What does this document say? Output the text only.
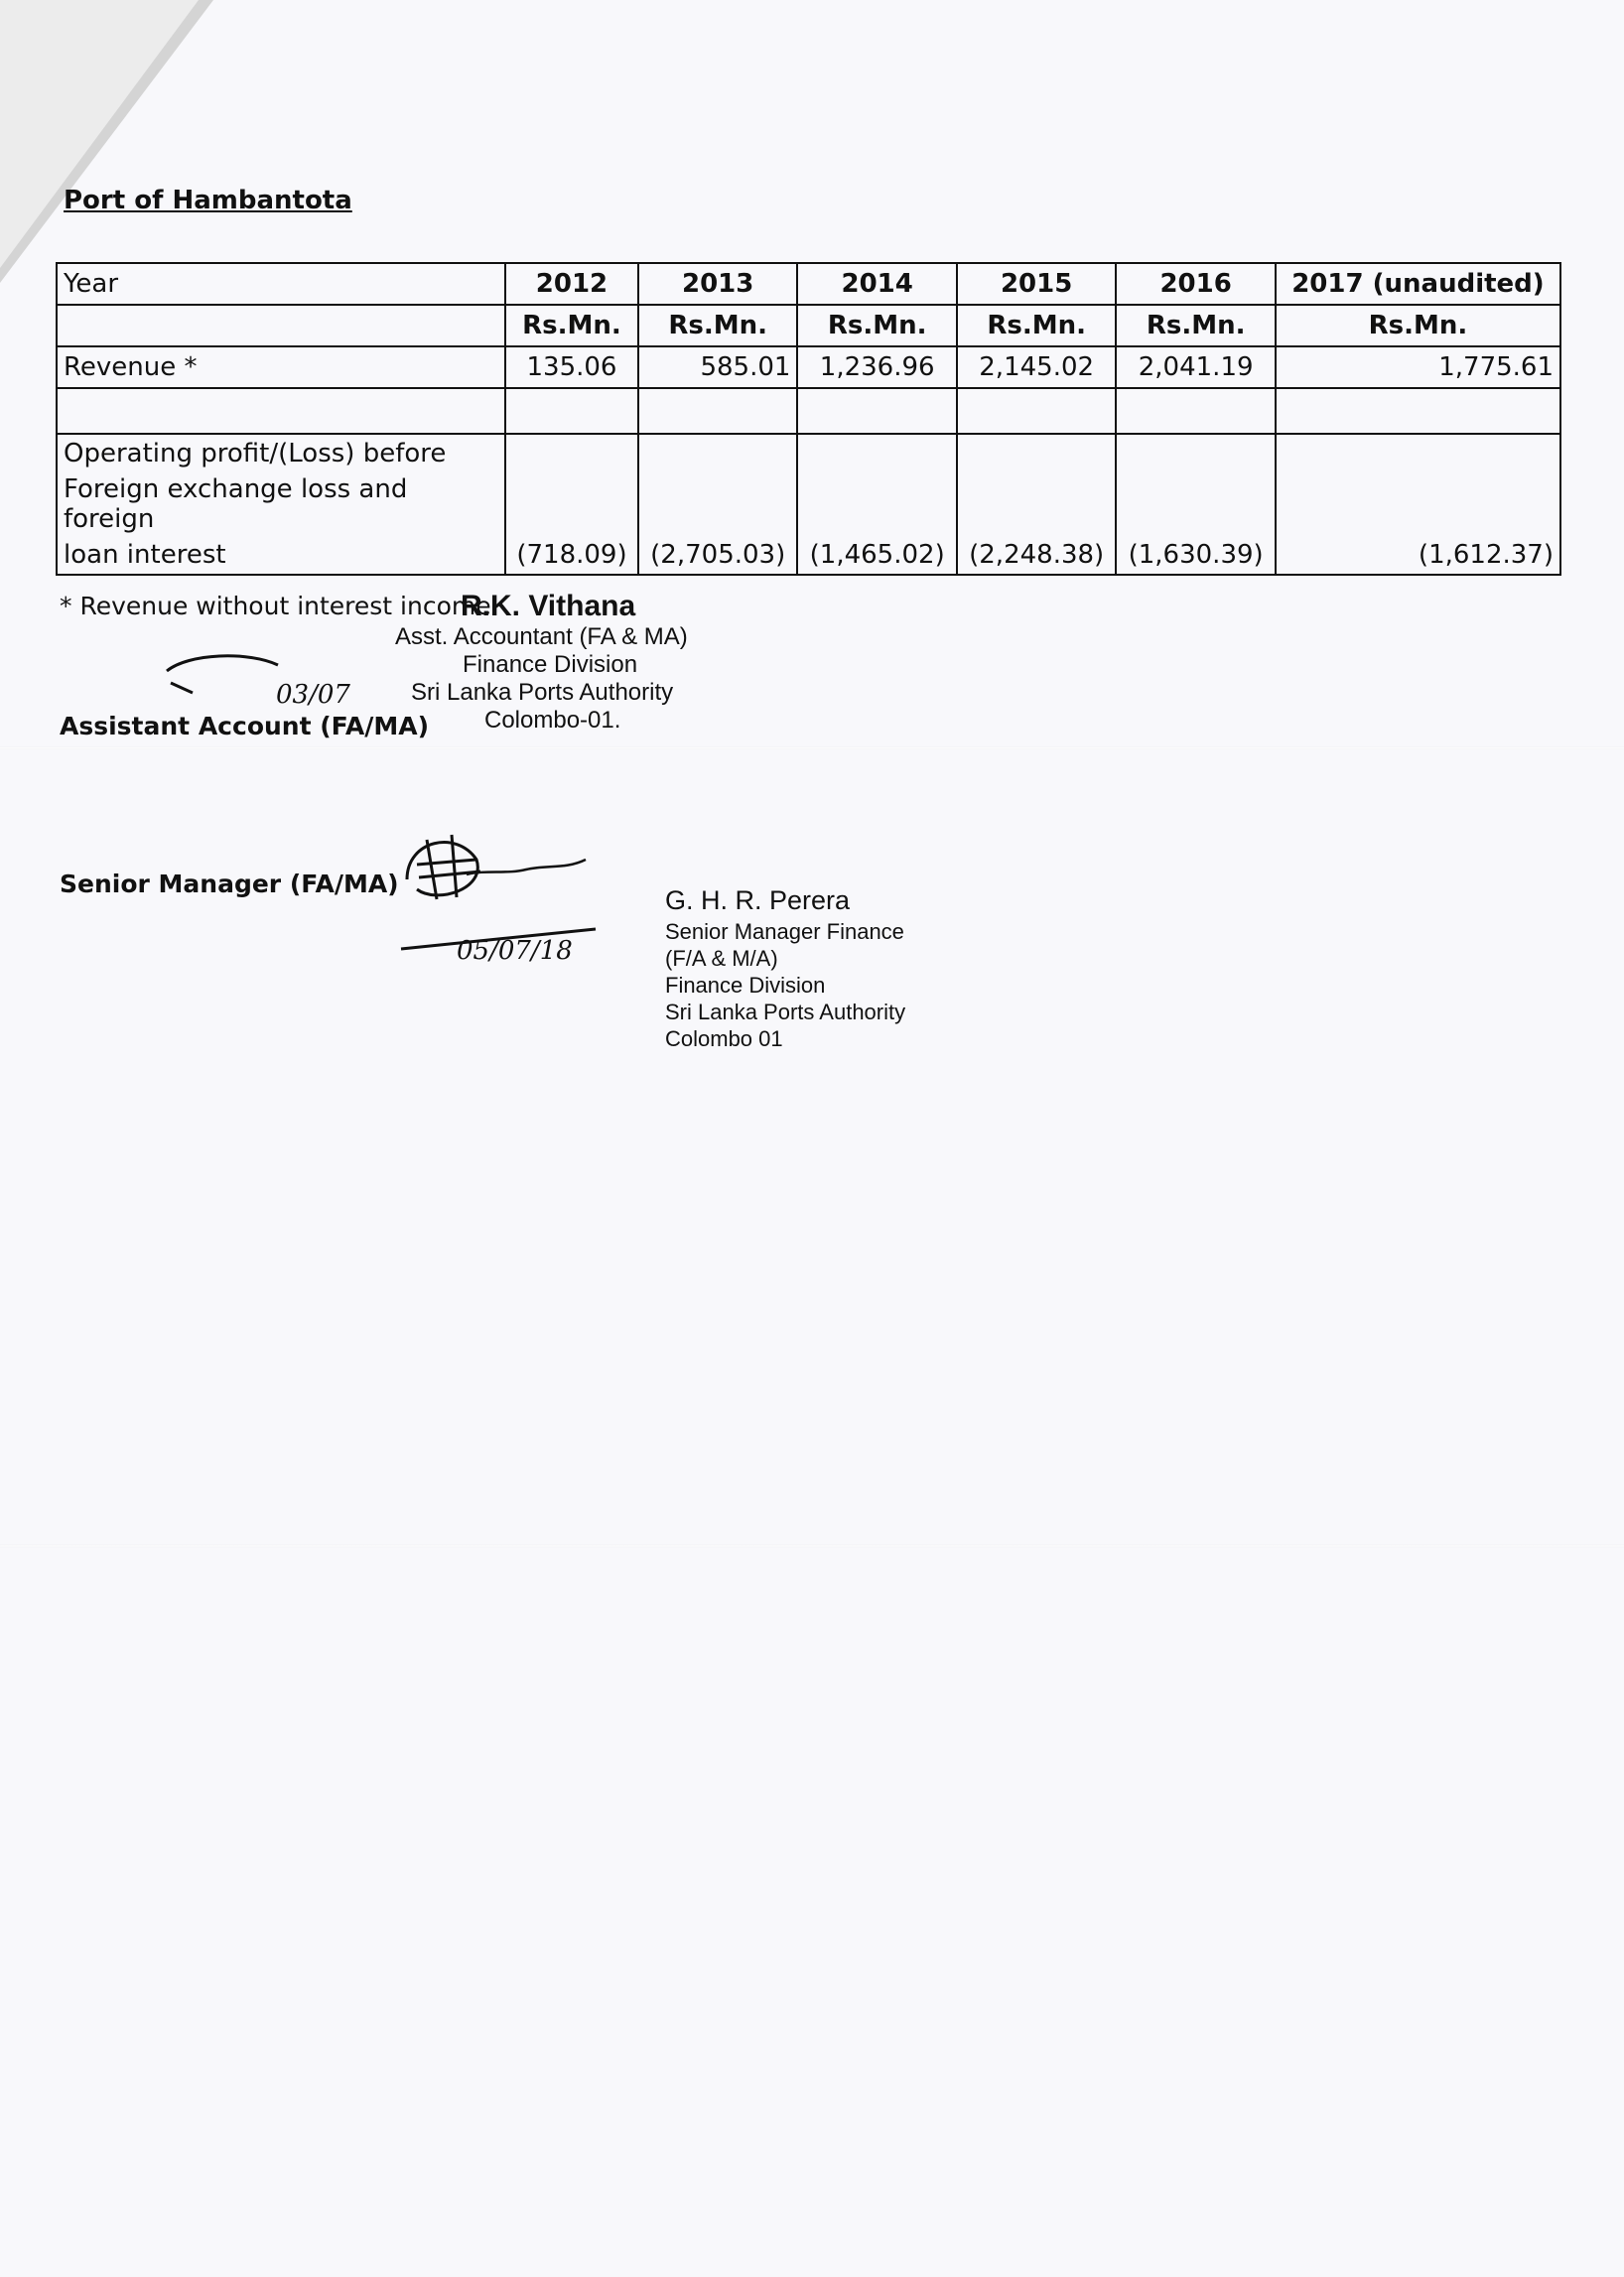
Port of Hambantota
Year	2012	2013	2014	2015	2016	2017 (unaudited)
	Rs.Mn.	Rs.Mn.	Rs.Mn.	Rs.Mn.	Rs.Mn.	Rs.Mn.
Revenue *	135.06	585.01	1,236.96	2,145.02	2,041.19	1,775.61

Operating profit/(Loss) before
Foreign exchange loss and foreign
loan interest	(718.09)	(2,705.03)	(1,465.02)	(2,248.38)	(1,630.39)	(1,612.37)
* Revenue without interest income
R.K. Vithana
Asst. Accountant (FA & MA)
Finance Division
Sri Lanka Ports Authority
Colombo-01.
03/07
Assistant Account (FA/MA)
Senior Manager (FA/MA)
05/07/18
G. H. R. Perera
Senior Manager Finance
(F/A & M/A)
Finance Division
Sri Lanka Ports Authority
Colombo 01
